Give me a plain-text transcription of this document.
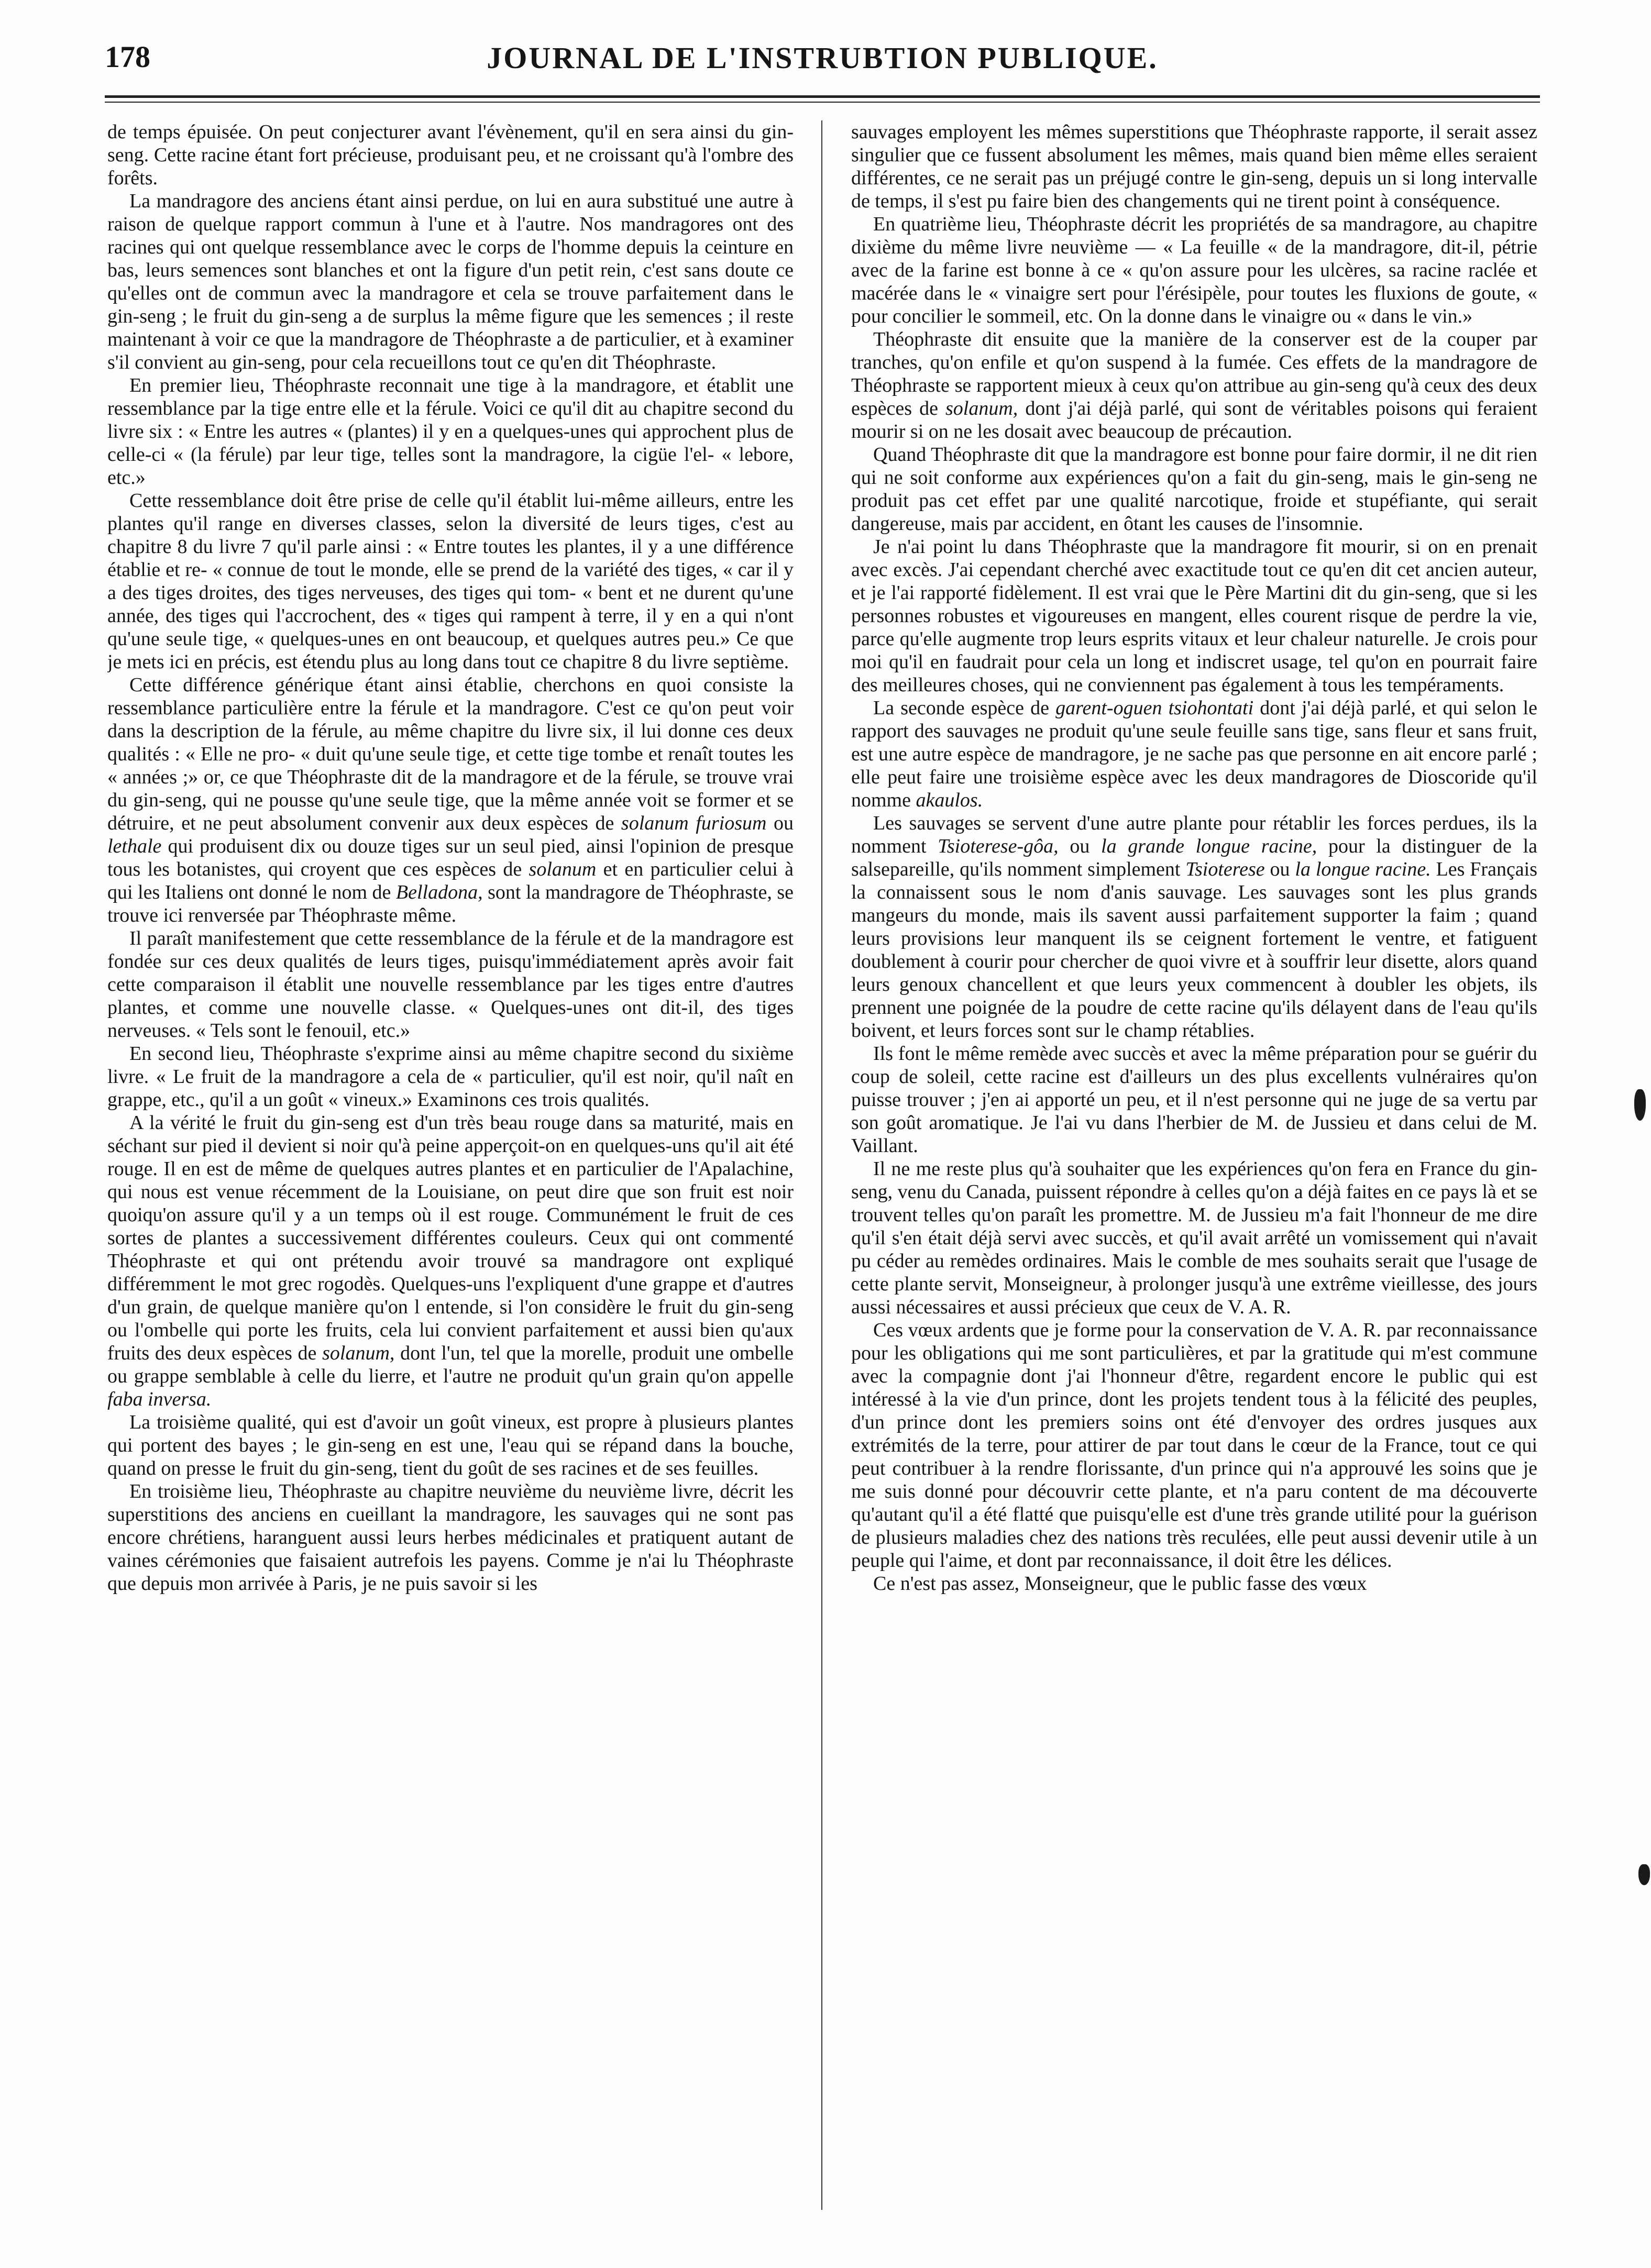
178	JOURNAL DE L'INSTRUBTION PUBLIQUE.

de temps épuisée. On peut conjecturer avant l'évènement, qu'il en sera ainsi du gin-seng. Cette racine étant fort précieuse, produisant peu, et ne croissant qu'à l'ombre des forêts.

La mandragore des anciens étant ainsi perdue, on lui en aura substitué une autre à raison de quelque rapport commun à l'une et à l'autre. Nos mandragores ont des racines qui ont quelque ressemblance avec le corps de l'homme depuis la ceinture en bas, leurs semences sont blanches et ont la figure d'un petit rein, c'est sans doute ce qu'elles ont de commun avec la mandragore et cela se trouve parfaitement dans le gin-seng ; le fruit du gin-seng a de surplus la même figure que les semences ; il reste maintenant à voir ce que la mandragore de Théophraste a de particulier, et à examiner s'il convient au gin-seng, pour cela recueillons tout ce qu'en dit Théophraste.

En premier lieu, Théophraste reconnait une tige à la mandragore, et établit une ressemblance par la tige entre elle et la férule. Voici ce qu'il dit au chapitre second du livre six : « Entre les autres « (plantes) il y en a quelques-unes qui approchent plus de celle-ci « (la férule) par leur tige, telles sont la mandragore, la cigüe l'el- « lebore, etc.»

Cette ressemblance doit être prise de celle qu'il établit lui-même ailleurs, entre les plantes qu'il range en diverses classes, selon la diversité de leurs tiges, c'est au chapitre 8 du livre 7 qu'il parle ainsi : « Entre toutes les plantes, il y a une différence établie et re- « connue de tout le monde, elle se prend de la variété des tiges, « car il y a des tiges droites, des tiges nerveuses, des tiges qui tom- « bent et ne durent qu'une année, des tiges qui l'accrochent, des « tiges qui rampent à terre, il y en a qui n'ont qu'une seule tige, « quelques-unes en ont beaucoup, et quelques autres peu.» Ce que je mets ici en précis, est étendu plus au long dans tout ce chapitre 8 du livre septième.

Cette différence générique étant ainsi établie, cherchons en quoi consiste la ressemblance particulière entre la férule et la mandragore. C'est ce qu'on peut voir dans la description de la férule, au même chapitre du livre six, il lui donne ces deux qualités : « Elle ne pro- « duit qu'une seule tige, et cette tige tombe et renaît toutes les « années ;» or, ce que Théophraste dit de la mandragore et de la férule, se trouve vrai du gin-seng, qui ne pousse qu'une seule tige, que la même année voit se former et se détruire, et ne peut absolument convenir aux deux espèces de solanum furiosum ou lethale qui produisent dix ou douze tiges sur un seul pied, ainsi l'opinion de presque tous les botanistes, qui croyent que ces espèces de solanum et en particulier celui à qui les Italiens ont donné le nom de Belladona, sont la mandragore de Théophraste, se trouve ici renversée par Théophraste même.

Il paraît manifestement que cette ressemblance de la férule et de la mandragore est fondée sur ces deux qualités de leurs tiges, puisqu'immédiatement après avoir fait cette comparaison il établit une nouvelle ressemblance par les tiges entre d'autres plantes, et comme une nouvelle classe. « Quelques-unes ont dit-il, des tiges nerveuses. « Tels sont le fenouil, etc.»

En second lieu, Théophraste s'exprime ainsi au même chapitre second du sixième livre. « Le fruit de la mandragore a cela de « particulier, qu'il est noir, qu'il naît en grappe, etc., qu'il a un goût « vineux.» Examinons ces trois qualités.

A la vérité le fruit du gin-seng est d'un très beau rouge dans sa maturité, mais en séchant sur pied il devient si noir qu'à peine apperçoit-on en quelques-uns qu'il ait été rouge. Il en est de même de quelques autres plantes et en particulier de l'Apalachine, qui nous est venue récemment de la Louisiane, on peut dire que son fruit est noir quoiqu'on assure qu'il y a un temps où il est rouge. Communément le fruit de ces sortes de plantes a successivement différentes couleurs. Ceux qui ont commenté Théophraste et qui ont prétendu avoir trouvé sa mandragore ont expliqué différemment le mot grec rogodès. Quelques-uns l'expliquent d'une grappe et d'autres d'un grain, de quelque manière qu'on l entende, si l'on considère le fruit du gin-seng ou l'ombelle qui porte les fruits, cela lui convient parfaitement et aussi bien qu'aux fruits des deux espèces de solanum, dont l'un, tel que la morelle, produit une ombelle ou grappe semblable à celle du lierre, et l'autre ne produit qu'un grain qu'on appelle faba inversa.

La troisième qualité, qui est d'avoir un goût vineux, est propre à plusieurs plantes qui portent des bayes ; le gin-seng en est une, l'eau qui se répand dans la bouche, quand on presse le fruit du gin-seng, tient du goût de ses racines et de ses feuilles.

En troisième lieu, Théophraste au chapitre neuvième du neuvième livre, décrit les superstitions des anciens en cueillant la mandragore, les sauvages qui ne sont pas encore chrétiens, haranguent aussi leurs herbes médicinales et pratiquent autant de vaines cérémonies que faisaient autrefois les payens. Comme je n'ai lu Théophraste que depuis mon arrivée à Paris, je ne puis savoir si les

sauvages employent les mêmes superstitions que Théophraste rapporte, il serait assez singulier que ce fussent absolument les mêmes, mais quand bien même elles seraient différentes, ce ne serait pas un préjugé contre le gin-seng, depuis un si long intervalle de temps, il s'est pu faire bien des changements qui ne tirent point à conséquence.

En quatrième lieu, Théophraste décrit les propriétés de sa mandragore, au chapitre dixième du même livre neuvième — « La feuille « de la mandragore, dit-il, pétrie avec de la farine est bonne à ce « qu'on assure pour les ulcères, sa racine raclée et macérée dans le « vinaigre sert pour l'érésipèle, pour toutes les fluxions de goute, « pour concilier le sommeil, etc. On la donne dans le vinaigre ou « dans le vin.»

Théophraste dit ensuite que la manière de la conserver est de la couper par tranches, qu'on enfile et qu'on suspend à la fumée. Ces effets de la mandragore de Théophraste se rapportent mieux à ceux qu'on attribue au gin-seng qu'à ceux des deux espèces de solanum, dont j'ai déjà parlé, qui sont de véritables poisons qui feraient mourir si on ne les dosait avec beaucoup de précaution.

Quand Théophraste dit que la mandragore est bonne pour faire dormir, il ne dit rien qui ne soit conforme aux expériences qu'on a fait du gin-seng, mais le gin-seng ne produit pas cet effet par une qualité narcotique, froide et stupéfiante, qui serait dangereuse, mais par accident, en ôtant les causes de l'insomnie.

Je n'ai point lu dans Théophraste que la mandragore fit mourir, si on en prenait avec excès. J'ai cependant cherché avec exactitude tout ce qu'en dit cet ancien auteur, et je l'ai rapporté fidèlement. Il est vrai que le Père Martini dit du gin-seng, que si les personnes robustes et vigoureuses en mangent, elles courent risque de perdre la vie, parce qu'elle augmente trop leurs esprits vitaux et leur chaleur naturelle. Je crois pour moi qu'il en faudrait pour cela un long et indiscret usage, tel qu'on en pourrait faire des meilleures choses, qui ne conviennent pas également à tous les tempéraments.

La seconde espèce de garent-oguen tsiohontati dont j'ai déjà parlé, et qui selon le rapport des sauvages ne produit qu'une seule feuille sans tige, sans fleur et sans fruit, est une autre espèce de mandragore, je ne sache pas que personne en ait encore parlé ; elle peut faire une troisième espèce avec les deux mandragores de Dioscoride qu'il nomme akaulos.

Les sauvages se servent d'une autre plante pour rétablir les forces perdues, ils la nomment Tsioterese-gôa, ou la grande longue racine, pour la distinguer de la salsepareille, qu'ils nomment simplement Tsioterese ou la longue racine. Les Français la connaissent sous le nom d'anis sauvage. Les sauvages sont les plus grands mangeurs du monde, mais ils savent aussi parfaitement supporter la faim ; quand leurs provisions leur manquent ils se ceignent fortement le ventre, et fatiguent doublement à courir pour chercher de quoi vivre et à souffrir leur disette, alors quand leurs genoux chancellent et que leurs yeux commencent à doubler les objets, ils prennent une poignée de la poudre de cette racine qu'ils délayent dans de l'eau qu'ils boivent, et leurs forces sont sur le champ rétablies.

Ils font le même remède avec succès et avec la même préparation pour se guérir du coup de soleil, cette racine est d'ailleurs un des plus excellents vulnéraires qu'on puisse trouver ; j'en ai apporté un peu, et il n'est personne qui ne juge de sa vertu par son goût aromatique. Je l'ai vu dans l'herbier de M. de Jussieu et dans celui de M. Vaillant.

Il ne me reste plus qu'à souhaiter que les expériences qu'on fera en France du gin-seng, venu du Canada, puissent répondre à celles qu'on a déjà faites en ce pays là et se trouvent telles qu'on paraît les promettre. M. de Jussieu m'a fait l'honneur de me dire qu'il s'en était déjà servi avec succès, et qu'il avait arrêté un vomissement qui n'avait pu céder au remèdes ordinaires. Mais le comble de mes souhaits serait que l'usage de cette plante servit, Monseigneur, à prolonger jusqu'à une extrême vieillesse, des jours aussi nécessaires et aussi précieux que ceux de V. A. R.

Ces vœux ardents que je forme pour la conservation de V. A. R. par reconnaissance pour les obligations qui me sont particulières, et par la gratitude qui m'est commune avec la compagnie dont j'ai l'honneur d'être, regardent encore le public qui est intéressé à la vie d'un prince, dont les projets tendent tous à la félicité des peuples, d'un prince dont les premiers soins ont été d'envoyer des ordres jusques aux extrémités de la terre, pour attirer de par tout dans le cœur de la France, tout ce qui peut contribuer à la rendre florissante, d'un prince qui n'a approuvé les soins que je me suis donné pour découvrir cette plante, et n'a paru content de ma découverte qu'autant qu'il a été flatté que puisqu'elle est d'une très grande utilité pour la guérison de plusieurs maladies chez des nations très reculées, elle peut aussi devenir utile à un peuple qui l'aime, et dont par reconnaissance, il doit être les délices.

Ce n'est pas assez, Monseigneur, que le public fasse des vœux
